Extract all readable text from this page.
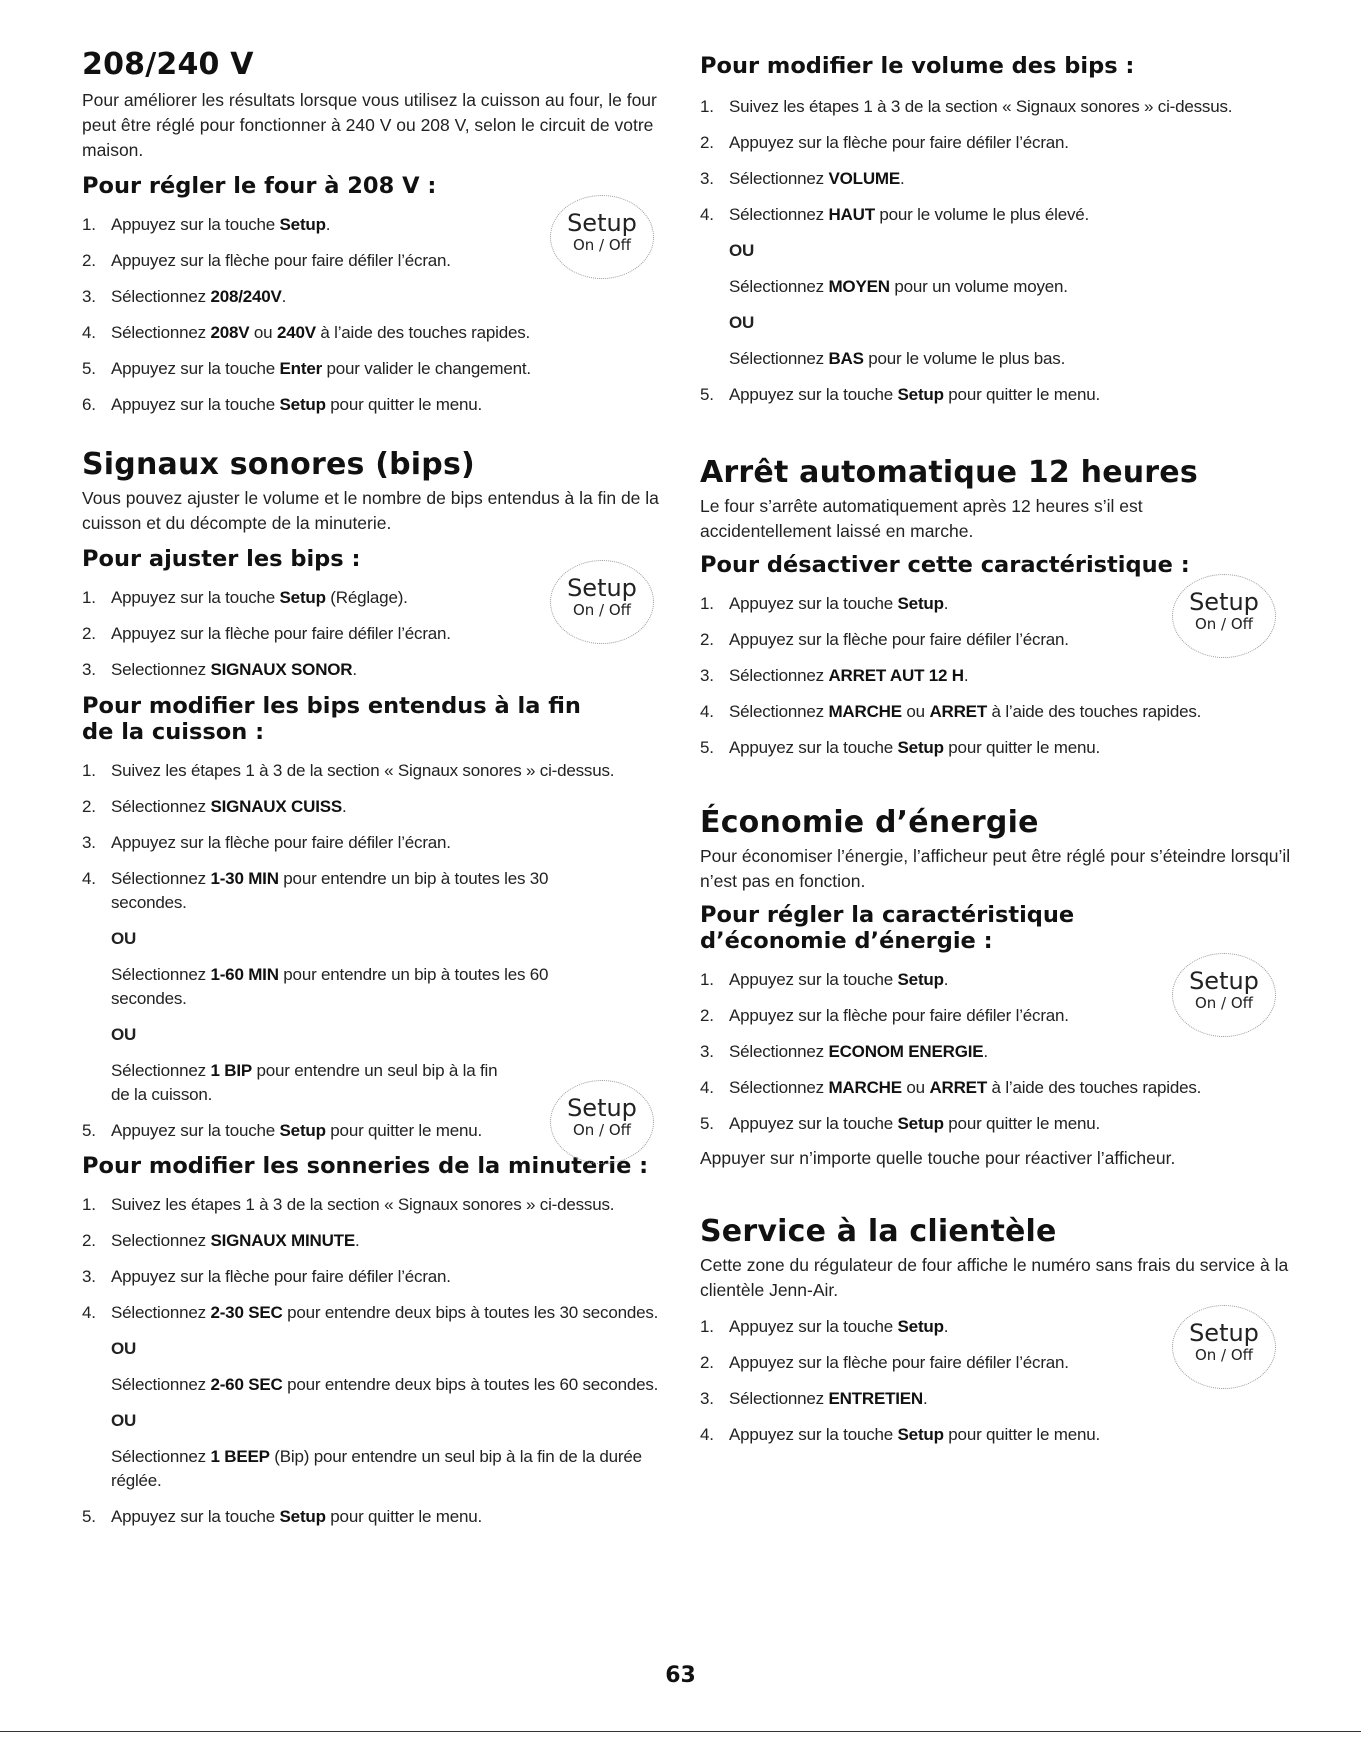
208/240 V

Pour améliorer les résultats lorsque vous utilisez la cuisson au four, le four peut être réglé pour fonctionner à 240 V ou 208 V, selon le circuit de votre maison.

Pour régler le four à 208 V :
1. Appuyez sur la touche Setup.
2. Appuyez sur la flèche pour faire défiler l’écran.
3. Sélectionnez 208/240V.
4. Sélectionnez 208V ou 240V à l’aide des touches rapides.
5. Appuyez sur la touche Enter pour valider le changement.
6. Appuyez sur la touche Setup pour quitter le menu.
Setup
On / Off
Signaux sonores (bips)

Vous pouvez ajuster le volume et le nombre de bips entendus à la fin de la cuisson et du décompte de la minuterie.

Pour ajuster les bips :
1. Appuyez sur la touche Setup (Réglage).
2. Appuyez sur la flèche pour faire défiler l’écran.
3. Selectionnez SIGNAUX SONOR.
Setup
On / Off
Pour modifier les bips entendus à la fin
de la cuisson :
1. Suivez les étapes 1 à 3 de la section « Signaux sonores » ci-dessus.
2. Sélectionnez SIGNAUX CUISS.
3. Appuyez sur la flèche pour faire défiler l’écran.
4. Sélectionnez 1-30 MIN pour entendre un bip à toutes les 30 secondes.
OU
Sélectionnez 1-60 MIN pour entendre un bip à toutes les 60 secondes.
OU
Sélectionnez 1 BIP pour entendre un seul bip à la fin de la cuisson.
5. Appuyez sur la touche Setup pour quitter le menu.
Setup
On / Off
Pour modifier les sonneries de la minuterie :
1. Suivez les étapes 1 à 3 de la section « Signaux sonores » ci-dessus.
2. Selectionnez SIGNAUX MINUTE.
3. Appuyez sur la flèche pour faire défiler l’écran.
4. Sélectionnez 2-30 SEC pour entendre deux bips à toutes les 30 secondes.
OU
Sélectionnez 2-60 SEC pour entendre deux bips à toutes les 60 secondes.
OU
Sélectionnez 1 BEEP (Bip) pour entendre un seul bip à la fin de la durée réglée.
5. Appuyez sur la touche Setup pour quitter le menu.
Pour modifier le volume des bips :
1. Suivez les étapes 1 à 3 de la section « Signaux sonores » ci-dessus.
2. Appuyez sur la flèche pour faire défiler l’écran.
3. Sélectionnez VOLUME.
4. Sélectionnez HAUT pour le volume le plus élevé.
OU
Sélectionnez MOYEN pour un volume moyen.
OU
Sélectionnez BAS pour le volume le plus bas.
5. Appuyez sur la touche Setup pour quitter le menu.
Arrêt automatique 12 heures

Le four s’arrête automatiquement après 12 heures s’il est accidentellement laissé en marche.

Pour désactiver cette caractéristique :
1. Appuyez sur la touche Setup.
2. Appuyez sur la flèche pour faire défiler l’écran.
3. Sélectionnez ARRET AUT 12 H.
4. Sélectionnez MARCHE ou ARRET à l’aide des touches rapides.
5. Appuyez sur la touche Setup pour quitter le menu.
Setup
On / Off
Économie d’énergie

Pour économiser l’énergie, l’afficheur peut être réglé pour s’éteindre lorsqu’il n’est pas en fonction.

Pour régler la caractéristique
d’économie d’énergie :
1. Appuyez sur la touche Setup.
2. Appuyez sur la flèche pour faire défiler l’écran.
3. Sélectionnez ECONOM ENERGIE.
4. Sélectionnez MARCHE ou ARRET à l’aide des touches rapides.
5. Appuyez sur la touche Setup pour quitter le menu.

Appuyer sur n’importe quelle touche pour réactiver l’afficheur.

Setup
On / Off
Service à la clientèle

Cette zone du régulateur de four affiche le numéro sans frais du service à la clientèle Jenn-Air.

1. Appuyez sur la touche Setup.
2. Appuyez sur la flèche pour faire défiler l’écran.
3. Sélectionnez ENTRETIEN.
4. Appuyez sur la touche Setup pour quitter le menu.
Setup
On / Off
63
